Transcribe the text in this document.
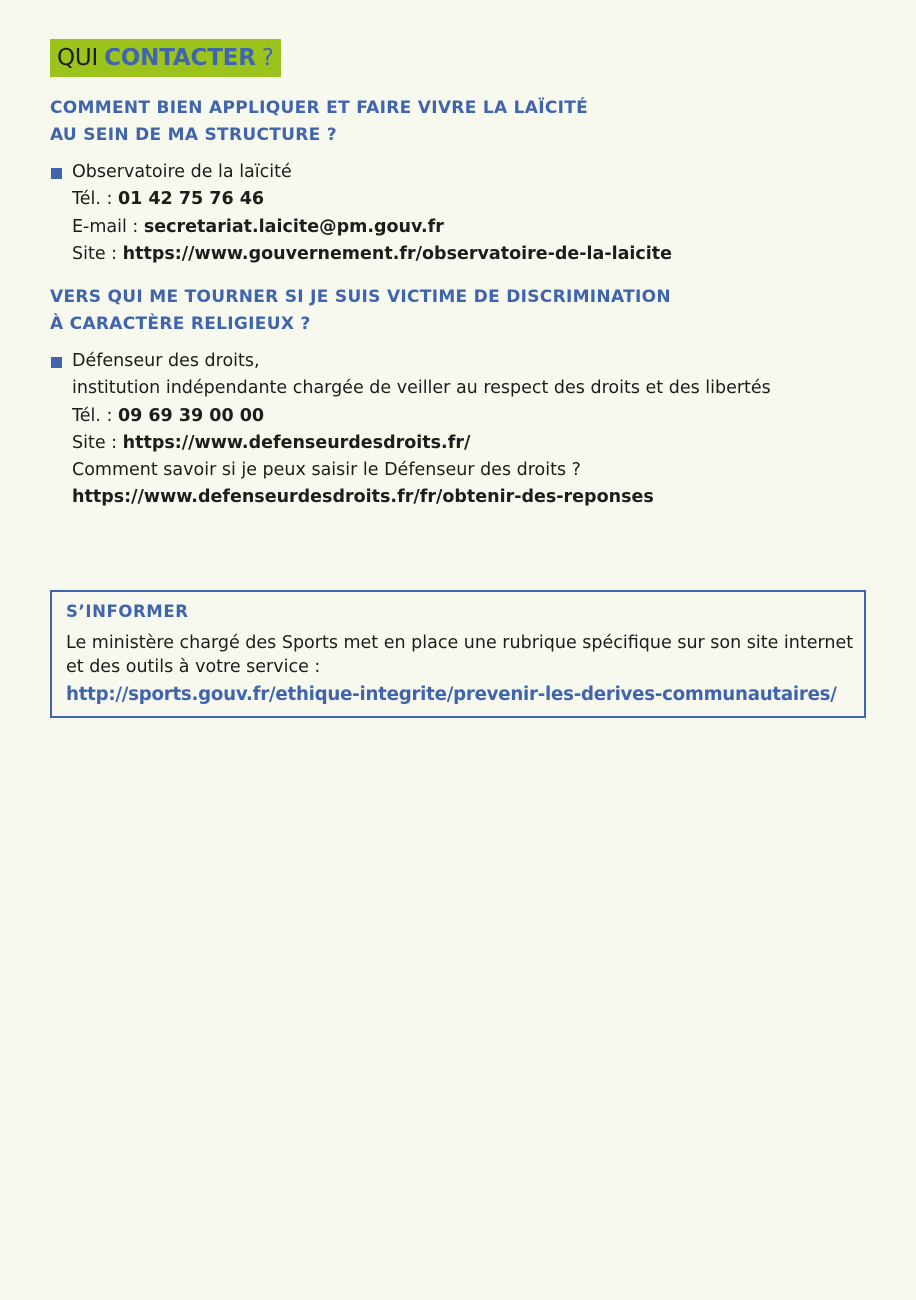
QUI CONTACTER ?
COMMENT BIEN APPLIQUER ET FAIRE VIVRE LA LAÏCITÉ
AU SEIN DE MA STRUCTURE ?
Observatoire de la laïcité
Tél. : 01 42 75 76 46
E-mail : secretariat.laicite@pm.gouv.fr
Site : https://www.gouvernement.fr/observatoire-de-la-laicite
VERS QUI ME TOURNER SI JE SUIS VICTIME DE DISCRIMINATION
À CARACTÈRE RELIGIEUX ?
Défenseur des droits,
institution indépendante chargée de veiller au respect des droits et des libertés
Tél. : 09 69 39 00 00
Site : https://www.defenseurdesdroits.fr/
Comment savoir si je peux saisir le Défenseur des droits ?
https://www.defenseurdesdroits.fr/fr/obtenir-des-reponses
S’INFORMER
Le ministère chargé des Sports met en place une rubrique spécifique sur son site internet et des outils à votre service :
http://sports.gouv.fr/ethique-integrite/prevenir-les-derives-communautaires/
